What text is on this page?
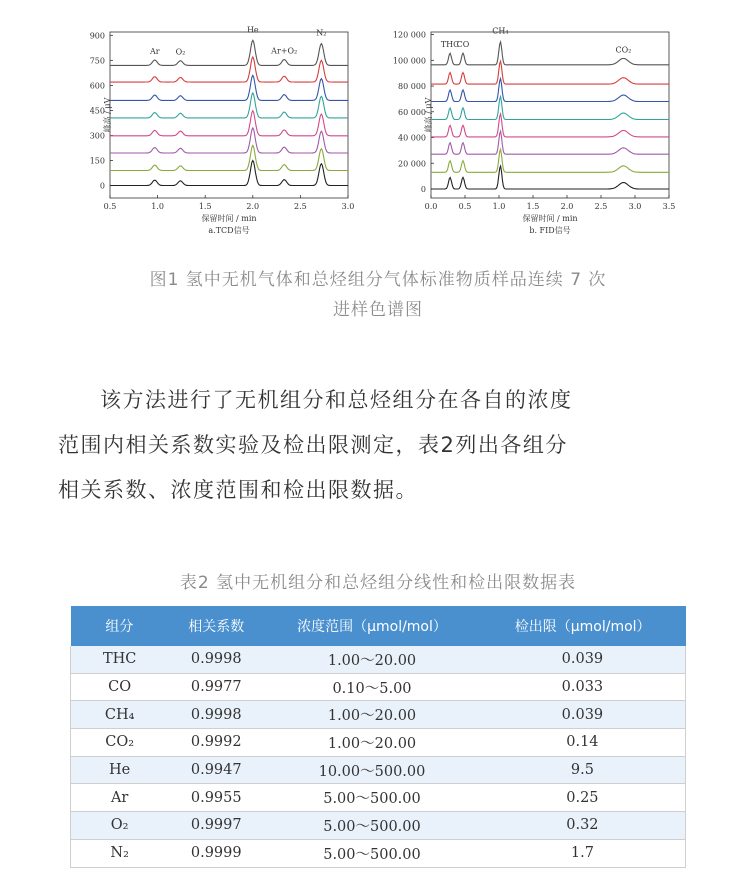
0.5	1.0	1.5	2.0	2.5	3.0
0
150
300
450
600
750
900
保留时间 / min
峰高 / μV
a.TCD信号
Ar O₂
He
Ar+O₂
N₂
0.0	0.5	1.0	1.5	2.0	2.5	3.0	3.5
0
20 000
40 000
60 000
80 000
100 000
120 000
保留时间 / min
峰高 / μV
b. FID信号
THC
CO
CH₄
CO₂
图1 氢中无机气体和总烃组分气体标准物质样品连续 7 次
进样色谱图
该方法进行了无机组分和总烃组分在各自的浓度
范围内相关系数实验及检出限测定，表2列出各组分
相关系数、浓度范围和检出限数据。
表2 氢中无机组分和总烃组分线性和检出限数据表
组分	相关系数	浓度范围（μmol/mol）	检出限（μmol/mol）
THC	0.9998	1.00～20.00	0.039
CO	0.9977	0.10～5.00	0.033
CH₄	0.9998	1.00～20.00	0.039
CO₂	0.9992	1.00～20.00	0.14
He	0.9947	10.00～500.00	9.5
Ar	0.9955	5.00～500.00	0.25
O₂	0.9997	5.00～500.00	0.32
N₂	0.9999	5.00～500.00	1.7
